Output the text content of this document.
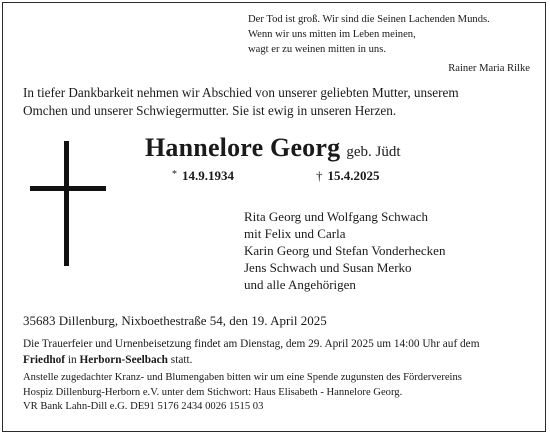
Der Tod ist groß. Wir sind die Seinen Lachenden Munds.
Wenn wir uns mitten im Leben meinen,
wagt er zu weinen mitten in uns.
Rainer Maria Rilke
In tiefer Dankbarkeit nehmen wir Abschied von unserer geliebten Mutter, unserem
Omchen und unserer Schwiegermutter. Sie ist ewig in unseren Herzen.
Hannelore Georg geb. Jüdt
* 14.9.1934	† 15.4.2025
Rita Georg und Wolfgang Schwach
mit Felix und Carla
Karin Georg und Stefan Vonderhecken
Jens Schwach und Susan Merko
und alle Angehörigen
35683 Dillenburg, Nixboethestraße 54, den 19. April 2025
Die Trauerfeier und Urnenbeisetzung findet am Dienstag, dem 29. April 2025 um 14:00 Uhr auf dem
Friedhof in Herborn-Seelbach statt.
Anstelle zugedachter Kranz- und Blumengaben bitten wir um eine Spende zugunsten des Fördervereins
Hospiz Dillenburg-Herborn e.V. unter dem Stichwort: Haus Elisabeth - Hannelore Georg.
VR Bank Lahn-Dill e.G. DE91 5176 2434 0026 1515 03
